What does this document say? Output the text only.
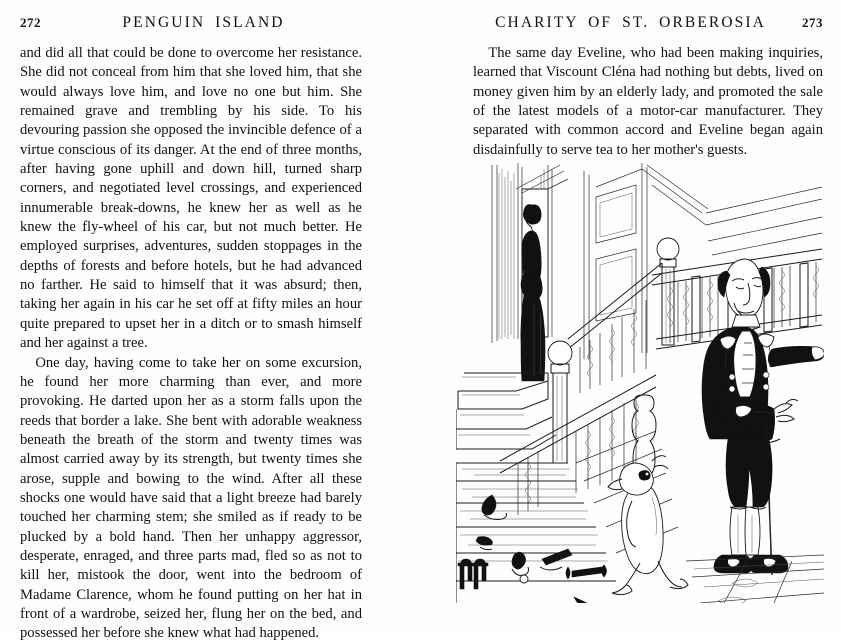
272	PENGUIN ISLAND

and did all that could be done to overcome her resistance. She did not conceal from him that she loved him, that she would always love him, and love no one but him. She remained grave and trembling by his side. To his devouring passion she opposed the invincible defence of a virtue conscious of its danger. At the end of three months, after having gone uphill and down hill, turned sharp corners, and negotiated level crossings, and experienced innumerable break-downs, he knew her as well as he knew the fly-wheel of his car, but not much better. He employed surprises, adventures, sudden stoppages in the depths of forests and before hotels, but he had advanced no farther. He said to himself that it was absurd; then, taking her again in his car he set off at fifty miles an hour quite prepared to upset her in a ditch or to smash himself and her against a tree.

One day, having come to take her on some excursion, he found her more charming than ever, and more provoking. He darted upon her as a storm falls upon the reeds that border a lake. She bent with adorable weakness beneath the breath of the storm and twenty times was almost carried away by its strength, but twenty times she arose, supple and bowing to the wind. After all these shocks one would have said that a light breeze had barely touched her charming stem; she smiled as if ready to be plucked by a bold hand. Then her unhappy aggressor, desperate, enraged, and three parts mad, fled so as not to kill her, mistook the door, went into the bedroom of Madame Clarence, whom he found putting on her hat in front of a wardrobe, seized her, flung her on the bed, and possessed her before she knew what had happened.

CHARITY OF ST. ORBEROSIA	273

The same day Eveline, who had been making inquiries, learned that Viscount Cléna had nothing but debts, lived on money given him by an elderly lady, and promoted the sale of the latest models of a motor-car manufacturer. They separated with common accord and Eveline began again disdainfully to serve tea to her mother's guests.
